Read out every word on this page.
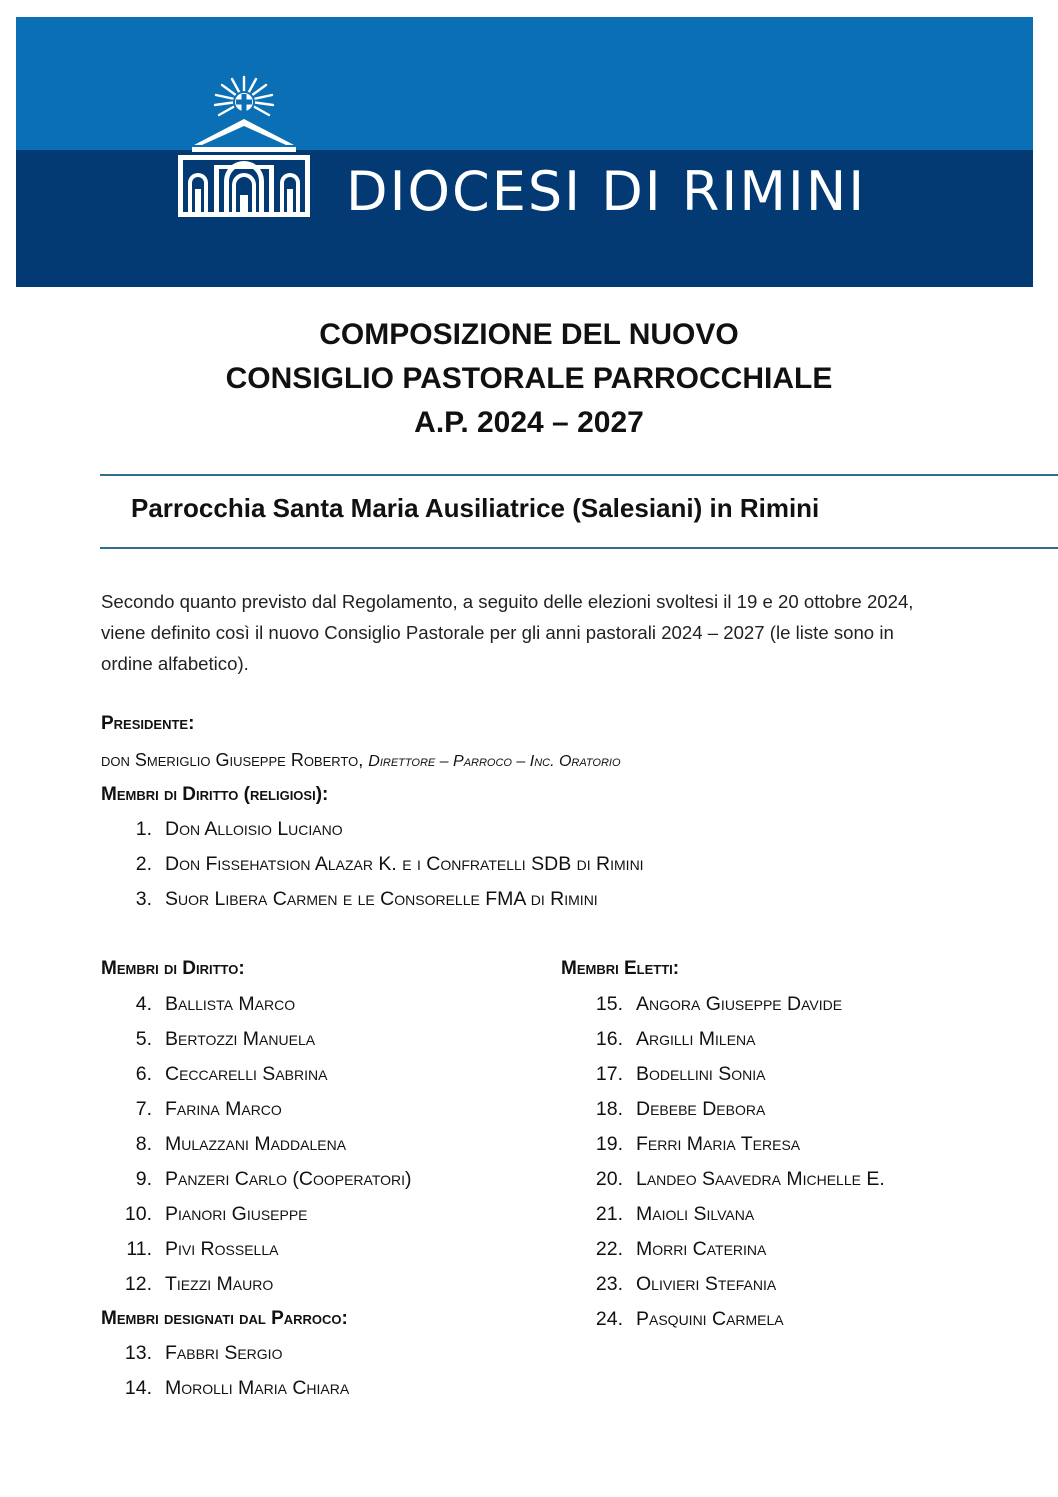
DIOCESI DI RIMINI
COMPOSIZIONE DEL NUOVO
CONSIGLIO PASTORALE PARROCCHIALE
A.P. 2024 – 2027
Parrocchia Santa Maria Ausiliatrice (Salesiani) in Rimini
Secondo quanto previsto dal Regolamento, a seguito delle elezioni svoltesi il 19 e 20 ottobre 2024,
viene definito così il nuovo Consiglio Pastorale per gli anni pastorali 2024 – 2027 (le liste sono in
ordine alfabetico).
Presidente:
don Smeriglio Giuseppe Roberto, Direttore – Parroco – Inc. Oratorio
Membri di Diritto (religiosi):
1. Don Alloisio Luciano
2. Don Fissehatsion Alazar K. e i Confratelli SDB di Rimini
3. Suor Libera Carmen e le Consorelle FMA di Rimini
Membri di Diritto:
4. Ballista Marco
5. Bertozzi Manuela
6. Ceccarelli Sabrina
7. Farina Marco
8. Mulazzani Maddalena
9. Panzeri Carlo (Cooperatori)
10. Pianori Giuseppe
11. Pivi Rossella
12. Tiezzi Mauro
Membri designati dal Parroco:
13. Fabbri Sergio
14. Morolli Maria Chiara
Membri Eletti:
15. Angora Giuseppe Davide
16. Argilli Milena
17. Bodellini Sonia
18. Debebe Debora
19. Ferri Maria Teresa
20. Landeo Saavedra Michelle E.
21. Maioli Silvana
22. Morri Caterina
23. Olivieri Stefania
24. Pasquini Carmela
